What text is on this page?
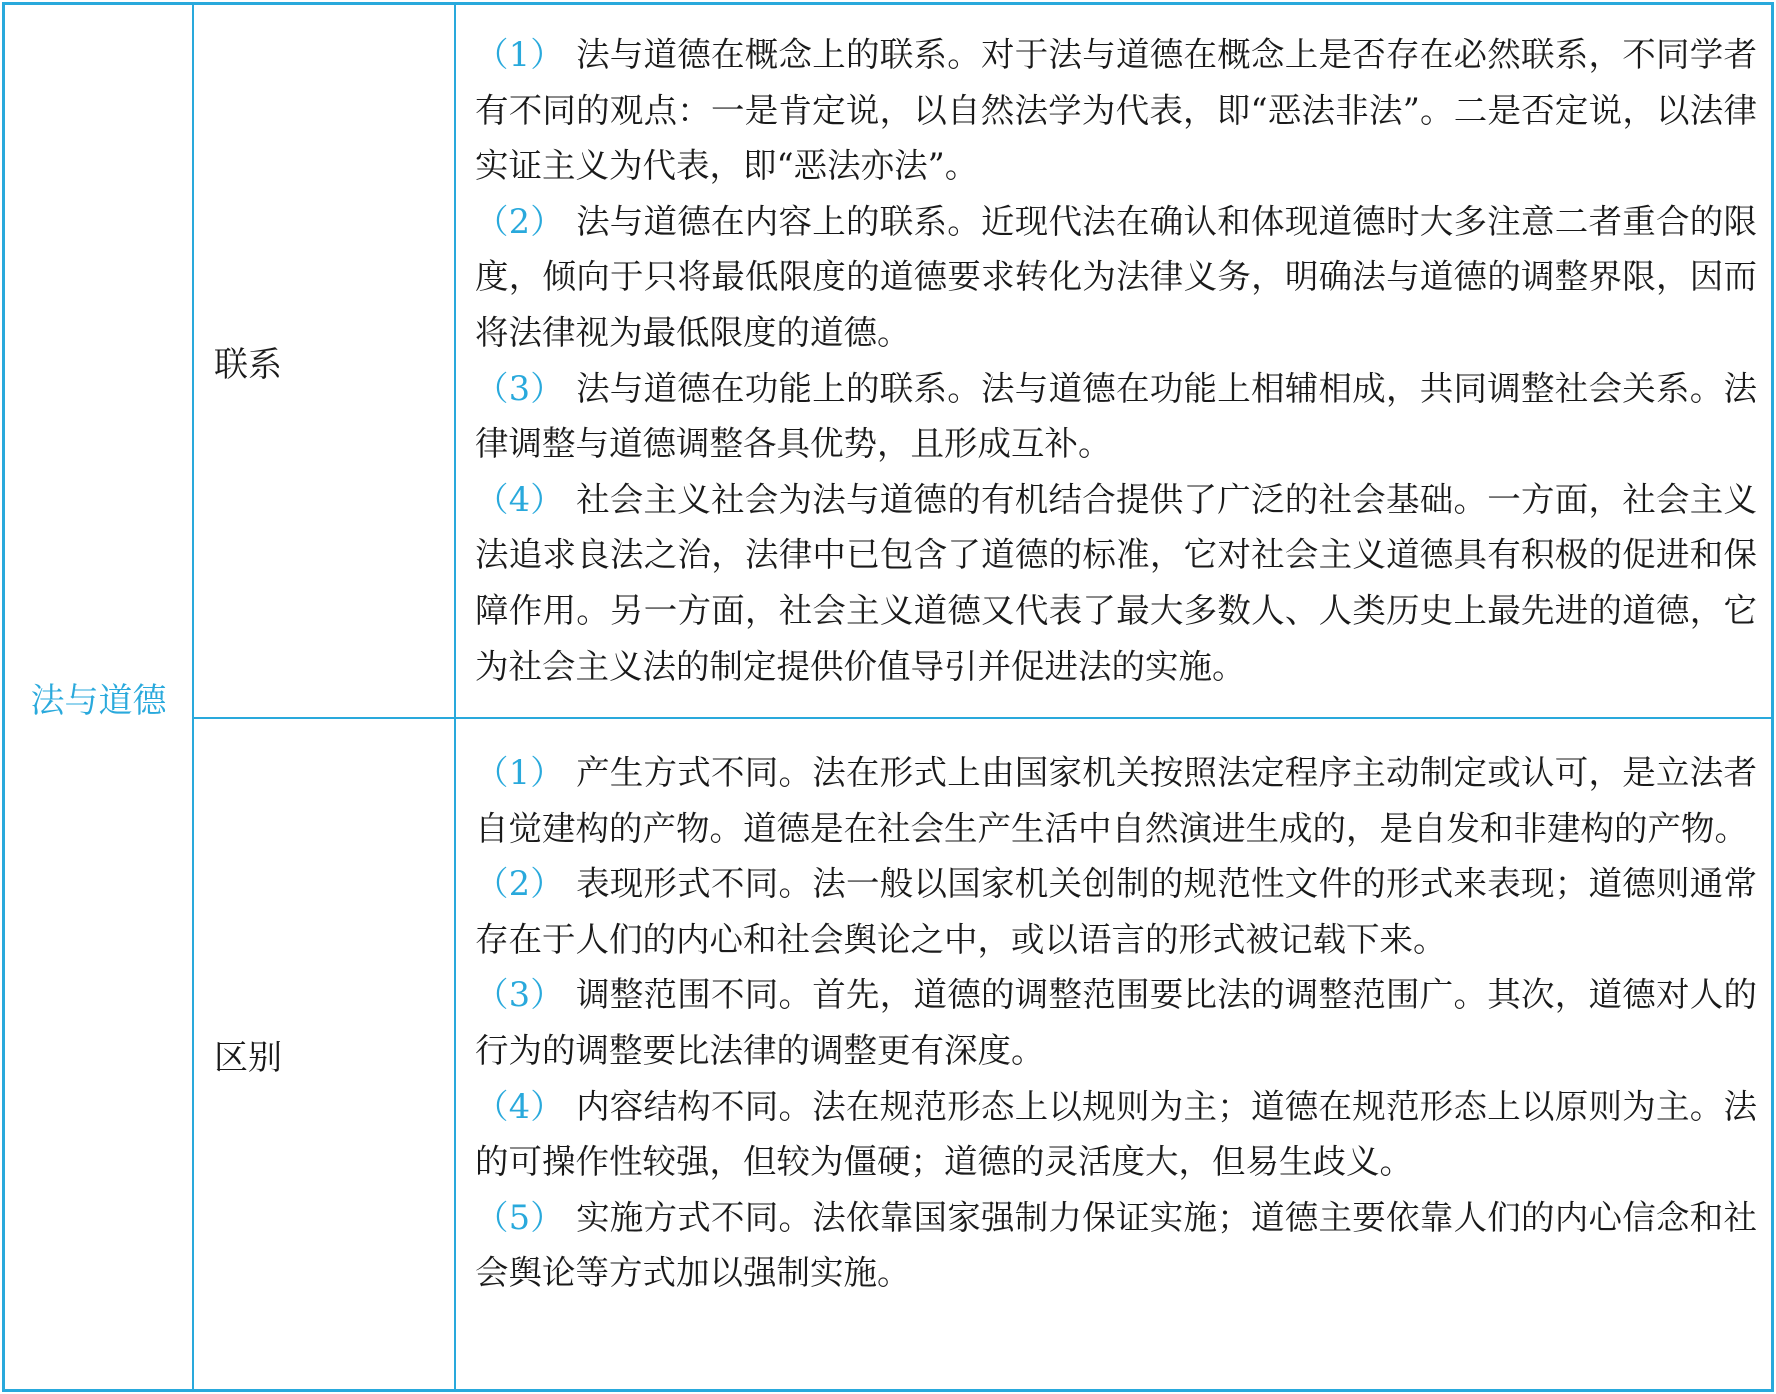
法与道德
联系

（1） 法与道德在概念上的联系。对于法与道德在概念上是否存在必然联系，不同学者有不同的观点：一是肯定说，以自然法学为代表，即“恶法非法”。二是否定说，以法律实证主义为代表，即“恶法亦法”。

（2） 法与道德在内容上的联系。近现代法在确认和体现道德时大多注意二者重合的限度，倾向于只将最低限度的道德要求转化为法律义务，明确法与道德的调整界限，因而将法律视为最低限度的道德。

（3） 法与道德在功能上的联系。法与道德在功能上相辅相成，共同调整社会关系。法律调整与道德调整各具优势，且形成互补。

（4） 社会主义社会为法与道德的有机结合提供了广泛的社会基础。一方面，社会主义法追求良法之治，法律中已包含了道德的标准，它对社会主义道德具有积极的促进和保障作用。另一方面，社会主义道德又代表了最大多数人、人类历史上最先进的道德，它为社会主义法的制定提供价值导引并促进法的实施。

区别

（1） 产生方式不同。法在形式上由国家机关按照法定程序主动制定或认可，是立法者自觉建构的产物。道德是在社会生产生活中自然演进生成的，是自发和非建构的产物。

（2） 表现形式不同。法一般以国家机关创制的规范性文件的形式来表现；道德则通常存在于人们的内心和社会舆论之中，或以语言的形式被记载下来。

（3） 调整范围不同。首先，道德的调整范围要比法的调整范围广。其次，道德对人的行为的调整要比法律的调整更有深度。

（4） 内容结构不同。法在规范形态上以规则为主；道德在规范形态上以原则为主。法的可操作性较强，但较为僵硬；道德的灵活度大，但易生歧义。

（5） 实施方式不同。法依靠国家强制力保证实施；道德主要依靠人们的内心信念和社会舆论等方式加以强制实施。
